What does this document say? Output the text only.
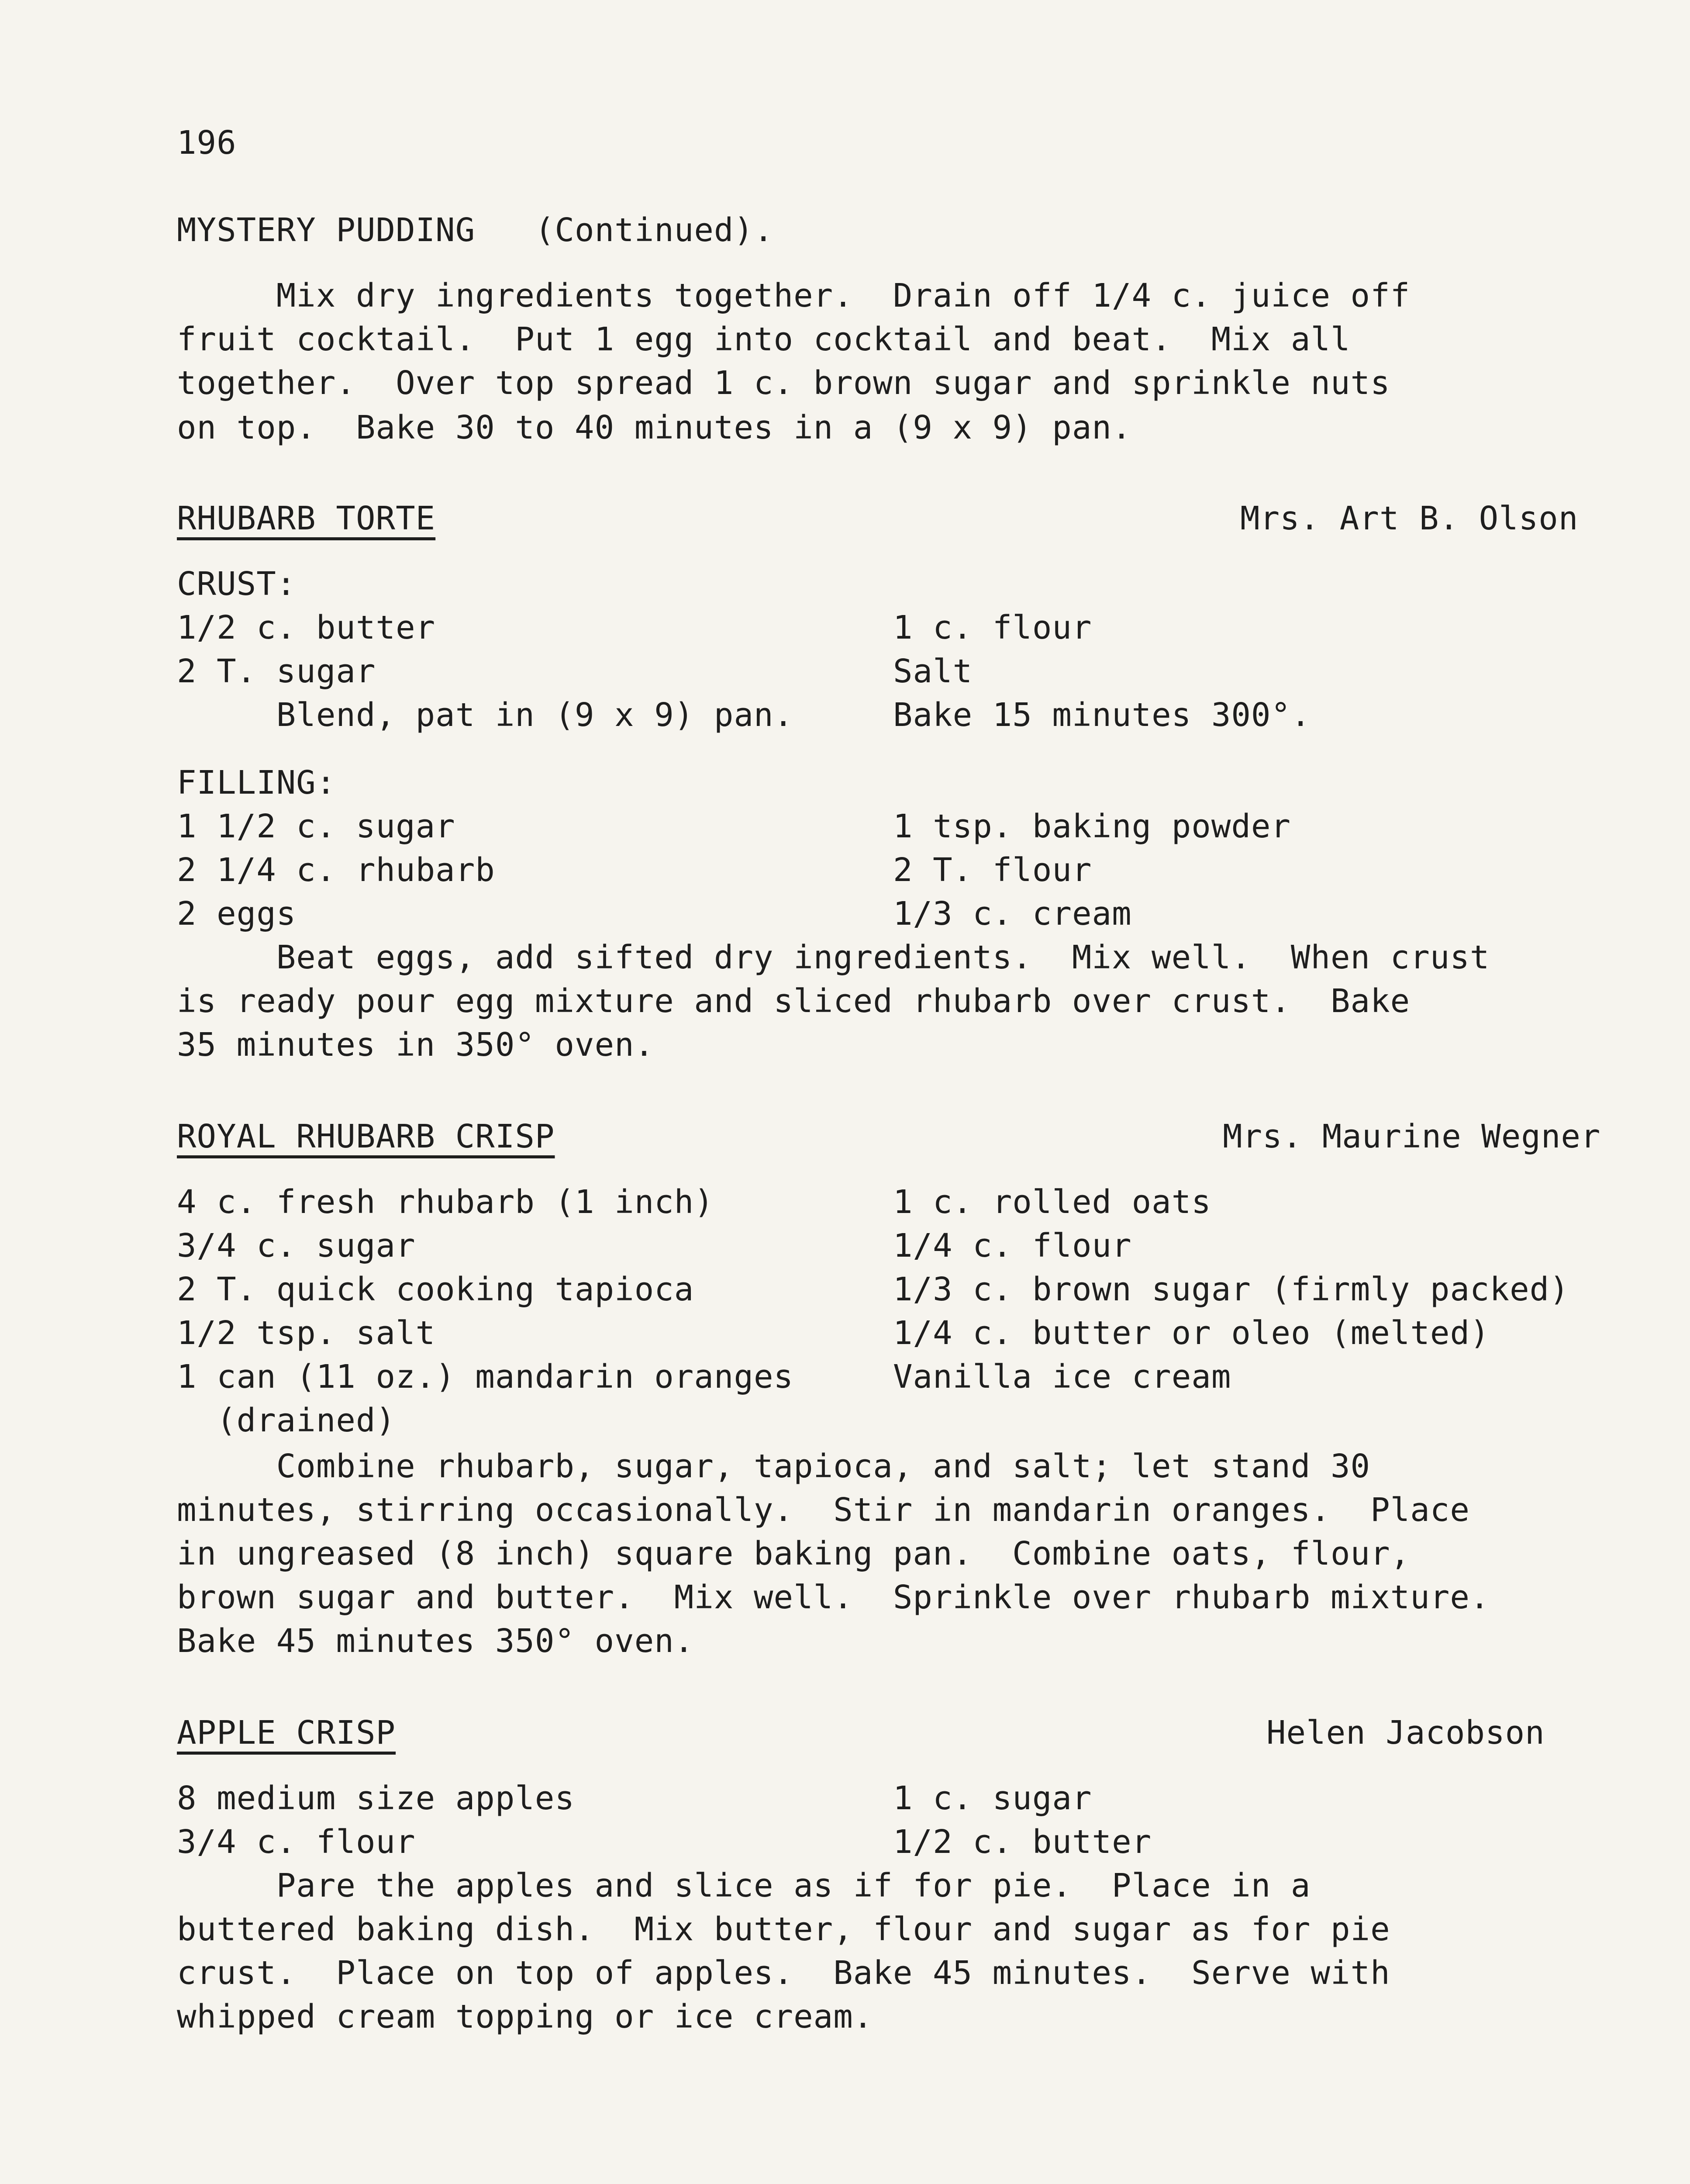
196
MYSTERY PUDDING   (Continued).
Mix dry ingredients together.  Drain off 1/4 c. juice off
fruit cocktail.  Put 1 egg into cocktail and beat.  Mix all
together.  Over top spread 1 c. brown sugar and sprinkle nuts
on top.  Bake 30 to 40 minutes in a (9 x 9) pan.
RHUBARB TORTE	Mrs. Art B. Olson
CRUST:
1/2 c. butter	1 c. flour
2 T. sugar	Salt
Blend, pat in (9 x 9) pan.	Bake 15 minutes 300°.
FILLING:
1 1/2 c. sugar	1 tsp. baking powder
2 1/4 c. rhubarb	2 T. flour
2 eggs	1/3 c. cream
Beat eggs, add sifted dry ingredients.  Mix well.  When crust
is ready pour egg mixture and sliced rhubarb over crust.  Bake
35 minutes in 350° oven.
ROYAL RHUBARB CRISP	Mrs. Maurine Wegner
4 c. fresh rhubarb (1 inch)	1 c. rolled oats
3/4 c. sugar	1/4 c. flour
2 T. quick cooking tapioca	1/3 c. brown sugar (firmly packed)
1/2 tsp. salt	1/4 c. butter or oleo (melted)
1 can (11 oz.) mandarin oranges	Vanilla ice cream
(drained)
Combine rhubarb, sugar, tapioca, and salt; let stand 30
minutes, stirring occasionally.  Stir in mandarin oranges.  Place
in ungreased (8 inch) square baking pan.  Combine oats, flour,
brown sugar and butter.  Mix well.  Sprinkle over rhubarb mixture.
Bake 45 minutes 350° oven.
APPLE CRISP	Helen Jacobson
8 medium size apples	1 c. sugar
3/4 c. flour	1/2 c. butter
Pare the apples and slice as if for pie.  Place in a
buttered baking dish.  Mix butter, flour and sugar as for pie
crust.  Place on top of apples.  Bake 45 minutes.  Serve with
whipped cream topping or ice cream.
